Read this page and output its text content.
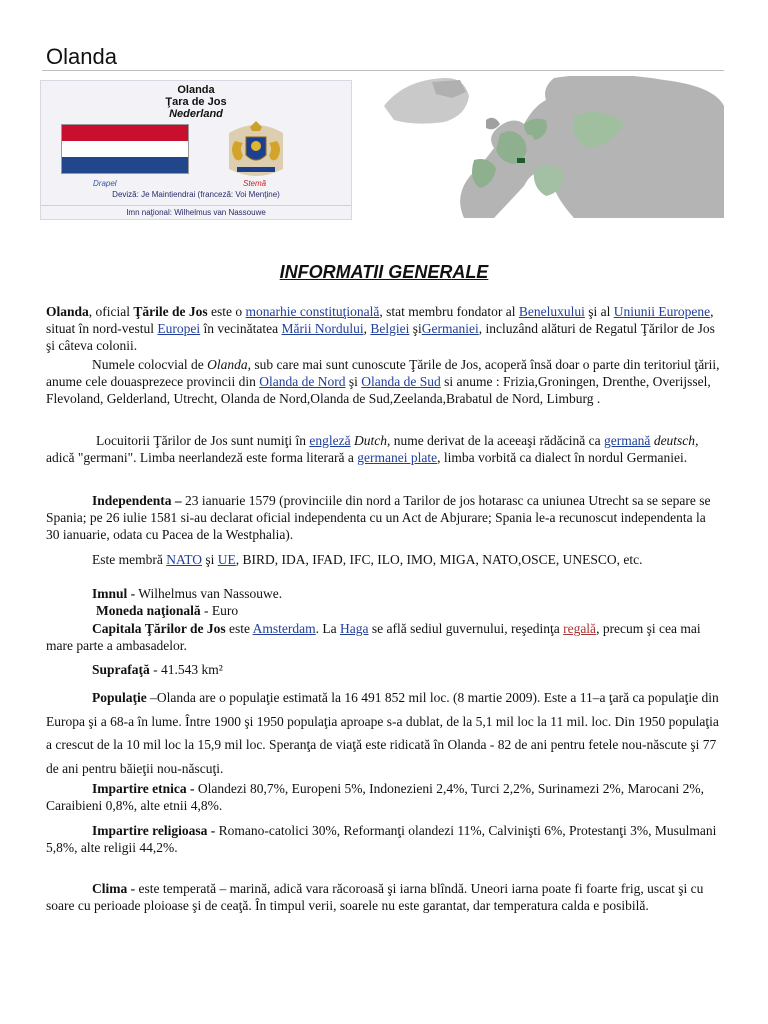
Olanda
Olanda
Ţara de Jos
Nederland
Drapel	Stemă
Deviză: Je Maintiendrai (franceză: Voi Menţine)
Imn naţional: Wilhelmus van Nassouwe
INFORMATII GENERALE

Olanda, oficial Ţările de Jos este o monarhie constituţională, stat membru fondator al Beneluxului şi al Uniunii Europene, situat în nord-vestul Europei în vecinătatea Mării Nordului, Belgiei şiGermaniei, incluzând alături de Regatul Ţărilor de Jos şi câteva colonii.

Numele colocvial de Olanda, sub care mai sunt cunoscute Ţările de Jos, acoperă însă doar o parte din teritoriul ţării, anume cele douasprezece provincii din Olanda de Nord şi Olanda de Sud si anume : Frizia,Groningen, Drenthe, Overijssel, Flevoland, Gelderland, Utrecht, Olanda de Nord,Olanda de Sud,Zeelanda,Brabatul de Nord, Limburg .

Locuitorii Ţărilor de Jos sunt numiţi în engleză Dutch, nume derivat de la aceeaşi rădăcină ca germană deutsch, adică "germani". Limba neerlandeză este forma literară a germanei plate, limba vorbită ca dialect în nordul Germaniei.

Independenta – 23 ianuarie 1579 (provinciile din nord a Tarilor de jos hotarasc ca uniunea Utrecht sa se separe se Spania; pe 26 iulie 1581 si-au declarat oficial independenta cu un Act de Abjurare; Spania le-a recunoscut independenta la 30 ianuarie, odata cu Pacea de la Westphalia).

Este membră NATO şi UE, BIRD, IDA, IFAD, IFC, ILO, IMO, MIGA, NATO,OSCE, UNESCO, etc.

Imnul - Wilhelmus van Nassouwe.

Moneda naţională - Euro

Capitala Ţărilor de Jos este Amsterdam. La Haga se află sediul guvernului, reşedinţa regală, precum şi cea mai mare parte a ambasadelor.

Suprafaţă - 41.543 km²

Populaţie –Olanda are o populaţie estimată la 16 491 852 mil loc. (8 martie 2009). Este a 11–a ţară ca populaţie din Europa şi a 68-a în lume. Între 1900 şi 1950 populaţia aproape s-a dublat, de la 5,1 mil loc la 11 mil. loc. Din 1950 populaţia a crescut de la 10 mil loc la 15,9 mil loc. Speranţa de viaţă este ridicată în Olanda - 82 de ani pentru fetele nou-născute şi 77 de ani pentru băieţii nou-născuţi.

Impartire etnica - Olandezi 80,7%, Europeni 5%, Indonezieni 2,4%, Turci 2,2%, Surinamezi 2%, Marocani 2%, Caraibieni 0,8%, alte etnii 4,8%.

Impartire religioasa - Romano-catolici 30%, Reformanţi olandezi 11%, Calvinişti 6%, Protestanţi 3%, Musulmani 5,8%, alte religii 44,2%.

Clima - este temperată – marină, adică vara răcoroasă şi iarna blîndă. Uneori iarna poate fi foarte frig, uscat şi cu soare cu perioade ploioase şi de ceaţă. În timpul verii, soarele nu este garantat, dar temperatura calda e posibilă.
